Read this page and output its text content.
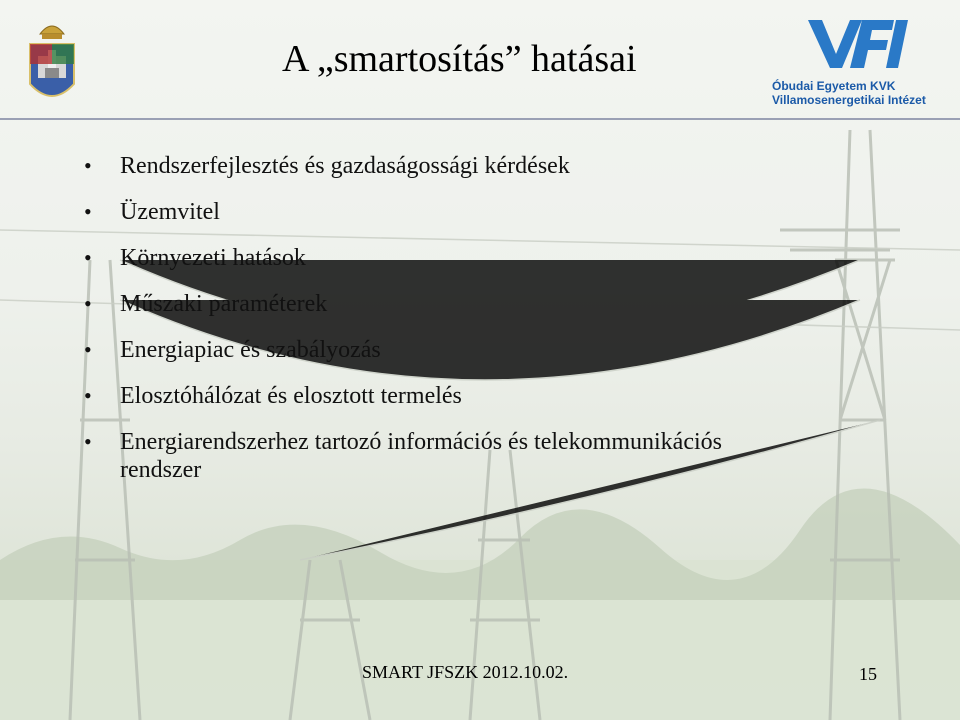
A „smartosítás” hatásai
Óbudai Egyetem KVK
Villamosenergetikai Intézet
• Rendszerfejlesztés és gazdaságossági kérdések
• Üzemvitel
• Környezeti hatások
• Műszaki paraméterek
• Energiapiac és szabályozás
• Elosztóhálózat és elosztott termelés
• Energiarendszerhez tartozó információs és telekommunikációs rendszer
SMART JFSZK 2012.10.02.	15
